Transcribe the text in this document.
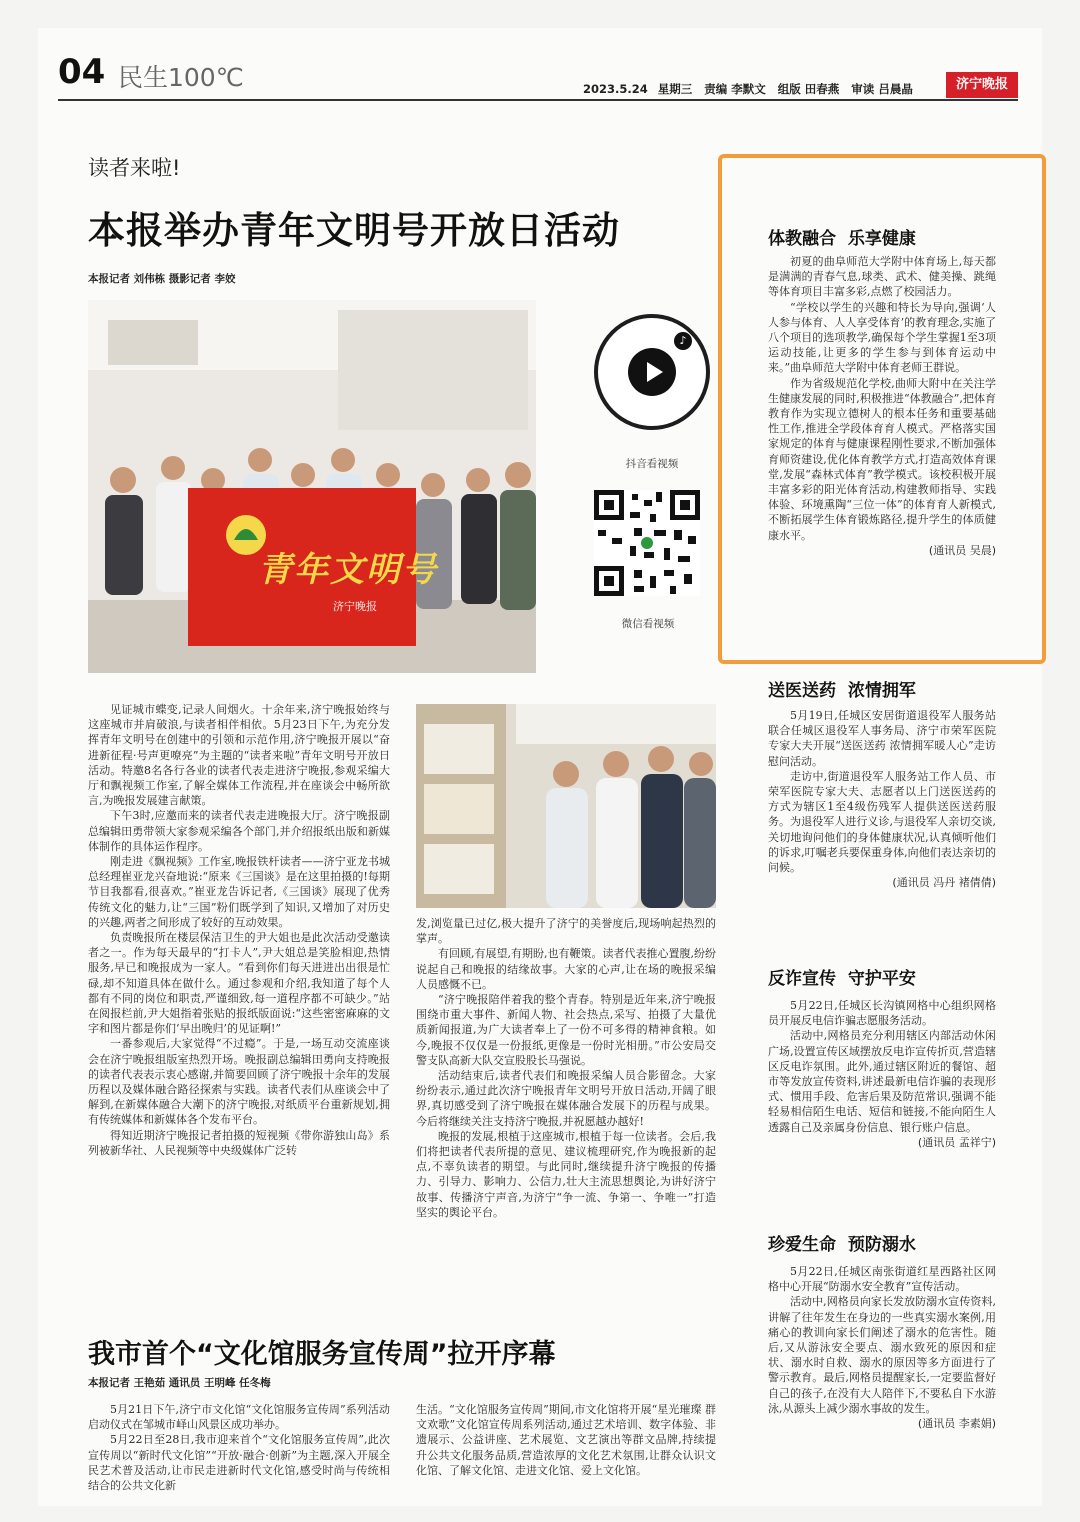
04 民生100℃	2023.5.24 星期三 责编 李默文   组版 田春燕   审读 吕晨晶	济宁晚报
读者来啦!
本报举办青年文明号开放日活动
本报记者 刘伟栋 摄影记者 李姣
青年文明号
济宁晚报
♪
抖音看视频
微信看视频

见证城市蝶变,记录人间烟火。十余年来,济宁晚报始终与这座城市并肩破浪,与读者相伴相依。5月23日下午,为充分发挥青年文明号在创建中的引领和示范作用,济宁晚报开展以“奋进新征程·号声更嘹亮”为主题的“读者来啦”青年文明号开放日活动。特邀8名各行各业的读者代表走进济宁晚报,参观采编大厅和飘视频工作室,了解全媒体工作流程,并在座谈会中畅所欲言,为晚报发展建言献策。

下午3时,应邀而来的读者代表走进晚报大厅。济宁晚报副总编辑田勇带领大家参观采编各个部门,并介绍报纸出版和新媒体制作的具体运作程序。

刚走进《飘视频》工作室,晚报铁杆读者——济宁亚龙书城总经理崔亚龙兴奋地说:“原来《三国谈》是在这里拍摄的!每期节目我都看,很喜欢。”崔亚龙告诉记者,《三国谈》展现了优秀传统文化的魅力,让“三国”粉们既学到了知识,又增加了对历史的兴趣,两者之间形成了较好的互动效果。

负责晚报所在楼层保洁卫生的尹大姐也是此次活动受邀读者之一。作为每天最早的“打卡人”,尹大姐总是笑脸相迎,热情服务,早已和晚报成为一家人。“看到你们每天进进出出很是忙碌,却不知道具体在做什么。通过参观和介绍,我知道了每个人都有不同的岗位和职责,严谨细致,每一道程序都不可缺少。”站在阅报栏前,尹大姐指着张贴的报纸版面说:“这些密密麻麻的文字和图片都是你们‘早出晚归’的见证啊!”

一番参观后,大家觉得“不过瘾”。于是,一场互动交流座谈会在济宁晚报组版室热烈开场。晚报副总编辑田勇向支持晚报的读者代表表示衷心感谢,并简要回顾了济宁晚报十余年的发展历程以及媒体融合路径探索与实践。读者代表们从座谈会中了解到,在新媒体融合大潮下的济宁晚报,对纸质平台重新规划,拥有传统媒体和新媒体各个发布平台。

得知近期济宁晚报记者拍摄的短视频《带你游独山岛》系列被新华社、人民视频等中央级媒体广泛转

发,浏览量已过亿,极大提升了济宁的美誉度后,现场响起热烈的掌声。

有回顾,有展望,有期盼,也有鞭策。读者代表推心置腹,纷纷说起自己和晚报的结缘故事。大家的心声,让在场的晚报采编人员感慨不已。

“济宁晚报陪伴着我的整个青春。特别是近年来,济宁晚报围绕市重大事件、新闻人物、社会热点,采写、拍摄了大量优质新闻报道,为广大读者奉上了一份不可多得的精神食粮。如今,晚报不仅仅是一份报纸,更像是一份时光相册。”市公安局交警支队高新大队交宣股股长马强说。

活动结束后,读者代表们和晚报采编人员合影留念。大家纷纷表示,通过此次济宁晚报青年文明号开放日活动,开阔了眼界,真切感受到了济宁晚报在媒体融合发展下的历程与成果。今后将继续关注支持济宁晚报,并祝愿越办越好!

晚报的发展,根植于这座城市,根植于每一位读者。会后,我们将把读者代表所提的意见、建议梳理研究,作为晚报新的起点,不辜负读者的期望。与此同时,继续提升济宁晚报的传播力、引导力、影响力、公信力,壮大主流思想舆论,为讲好济宁故事、传播济宁声音,为济宁“争一流、争第一、争唯一”打造坚实的舆论平台。

我市首个“文化馆服务宣传周”拉开序幕
本报记者 王艳茹 通讯员 王明峰 任冬梅

5月21日下午,济宁市文化馆“文化馆服务宣传周”系列活动启动仪式在邹城市峄山风景区成功举办。

5月22日至28日,我市迎来首个“文化馆服务宣传周”,此次宣传周以“新时代文化馆”“开放·融合·创新”为主题,深入开展全民艺术普及活动,让市民走进新时代文化馆,感受时尚与传统相结合的公共文化新

生活。“文化馆服务宣传周”期间,市文化馆将开展“星光璀璨 群文欢歌”文化馆宣传周系列活动,通过艺术培训、数字体验、非遗展示、公益讲座、艺术展览、文艺演出等群文品牌,持续提升公共文化服务品质,营造浓厚的文化艺术氛围,让群众认识文化馆、了解文化馆、走进文化馆、爱上文化馆。

体教融合  乐享健康

初夏的曲阜师范大学附中体育场上,每天都是满满的青春气息,球类、武术、健美操、跳绳等体育项目丰富多彩,点燃了校园活力。

“学校以学生的兴趣和特长为导向,强调‘人人参与体育、人人享受体育’的教育理念,实施了八个项目的选项教学,确保每个学生掌握1至3项运动技能,让更多的学生参与到体育运动中来。”曲阜师范大学附中体育老师王群说。

作为省级规范化学校,曲师大附中在关注学生健康发展的同时,积极推进“体教融合”,把体育教育作为实现立德树人的根本任务和重要基础性工作,推进全学段体育育人模式。严格落实国家规定的体育与健康课程刚性要求,不断加强体育师资建设,优化体育教学方式,打造高效体育课堂,发展“森林式体育”教学模式。该校积极开展丰富多彩的阳光体育活动,构建教师指导、实践体验、环境熏陶“三位一体”的体育育人新模式,不断拓展学生体育锻炼路径,提升学生的体质健康水平。

(通讯员 吴晨)
送医送药  浓情拥军

5月19日,任城区安居街道退役军人服务站联合任城区退役军人事务局、济宁市荣军医院专家大夫开展“送医送药 浓情拥军暖人心”走访慰问活动。

走访中,街道退役军人服务站工作人员、市荣军医院专家大夫、志愿者以上门送医送药的方式为辖区1至4级伤残军人提供送医送药服务。为退役军人进行义诊,与退役军人亲切交谈,关切地询问他们的身体健康状况,认真倾听他们的诉求,叮嘱老兵要保重身体,向他们表达亲切的问候。

(通讯员 冯丹 褚倩倩)
反诈宣传  守护平安

5月22日,任城区长沟镇网格中心组织网格员开展反电信诈骗志愿服务活动。

活动中,网格员充分利用辖区内部活动休闲广场,设置宣传区域摆放反电诈宣传折页,营造辖区反电诈氛围。此外,通过辖区附近的餐馆、超市等发放宣传资料,讲述最新电信诈骗的表现形式、惯用手段、危害后果及防范常识,强调不能轻易相信陌生电话、短信和链接,不能向陌生人透露自己及亲属身份信息、银行账户信息。

(通讯员 孟祥宁)
珍爱生命  预防溺水

5月22日,任城区南张街道红星西路社区网格中心开展“防溺水安全教育”宣传活动。

活动中,网格员向家长发放防溺水宣传资料,讲解了往年发生在身边的一些真实溺水案例,用痛心的教训向家长们阐述了溺水的危害性。随后,又从游泳安全要点、溺水致死的原因和症状、溺水时自救、溺水的原因等多方面进行了警示教育。最后,网格员提醒家长,一定要监督好自己的孩子,在没有大人陪伴下,不要私自下水游泳,从源头上减少溺水事故的发生。

(通讯员 李素娟)
